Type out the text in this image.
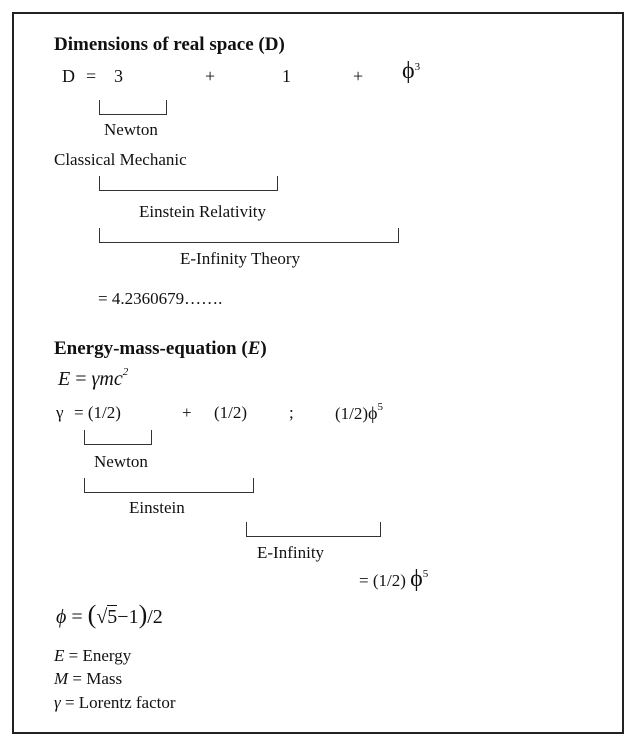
Dimensions of real space (D)
D = 3	+	1	+ $\phi^3$
Newton
Classical Mechanic
Einstein Relativity
E-Infinity Theory
= 4.2360679…….
Energy-mass-equation (E)
E = γmc$^2$
γ = (1/2)	+ (1/2) ; $(1/2)\phi^5$
Newton
Einstein
E-Infinity
= (1/2) $\phi^5$
ϕ = (√5−1)/2
E = Energy
M = Mass
γ = Lorentz factor
